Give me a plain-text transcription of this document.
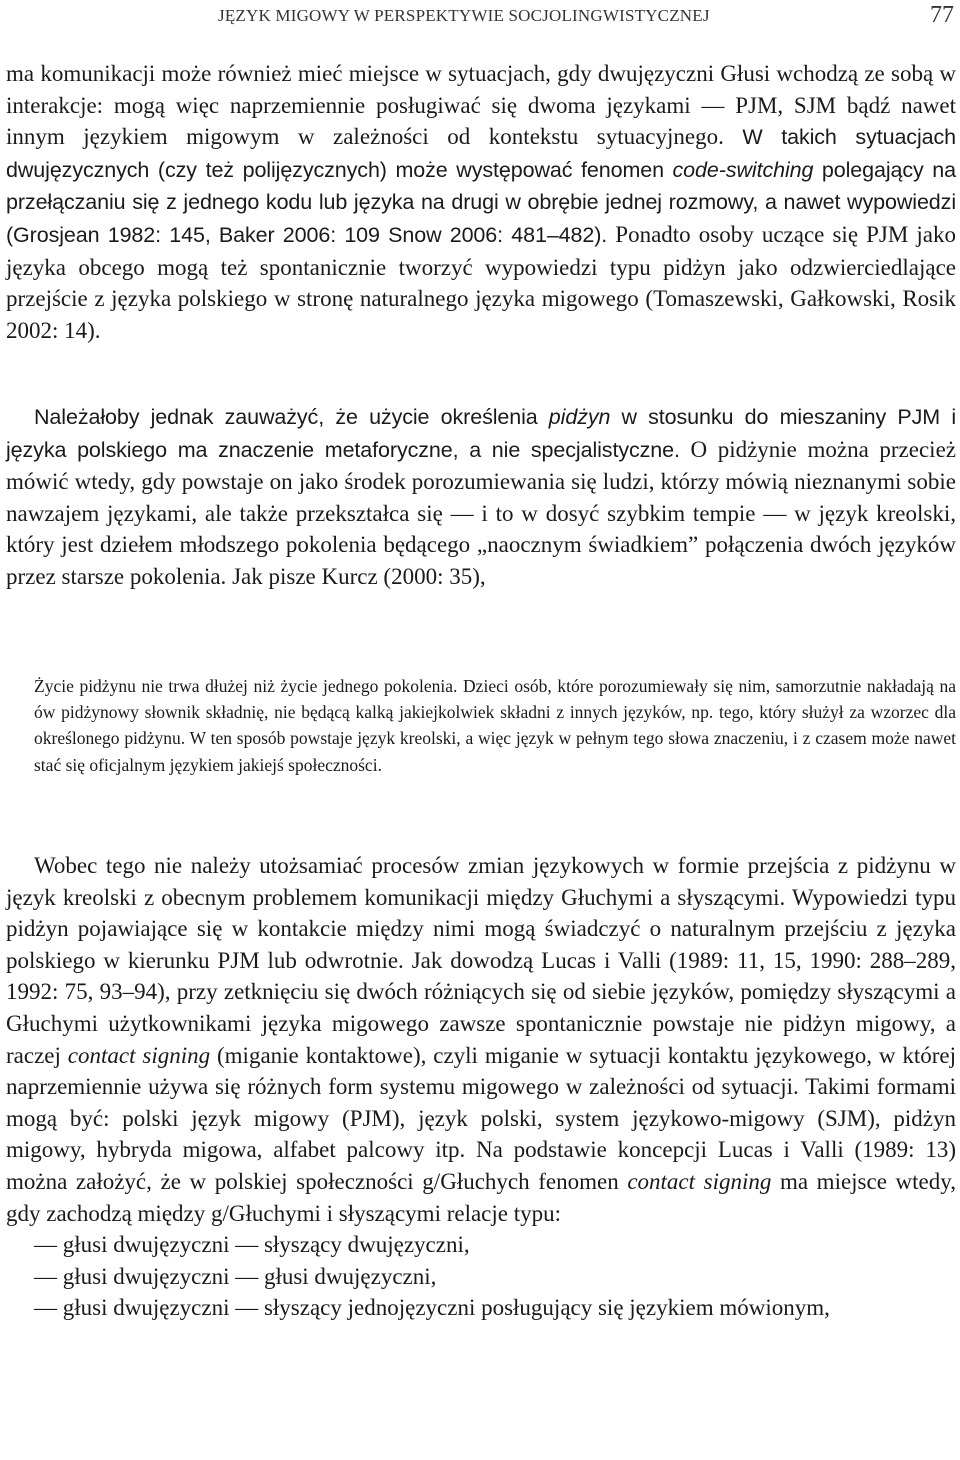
JĘZYK MIGOWY W PERSPEKTYWIE SOCJOLINGWISTYCZNEJ	77

ma komunikacji może również mieć miejsce w sytuacjach, gdy dwujęzyczni Głusi wchodzą ze sobą w interakcje: mogą więc naprzemiennie posługiwać się dwoma językami — PJM, SJM bądź nawet innym językiem migowym w zależności od kontekstu sytuacyjnego. W takich sytuacjach dwujęzycznych (czy też polijęzycznych) może występować fenomen code-switching polegający na przełączaniu się z jednego kodu lub języka na drugi w obrębie jednej rozmowy, a nawet wypowiedzi (Grosjean 1982: 145, Baker 2006: 109 Snow 2006: 481–482). Ponadto osoby uczące się PJM jako języka obcego mogą też spontanicznie tworzyć wypowiedzi typu pidżyn jako odzwierciedlające przejście z języka polskiego w stronę naturalnego języka migowego (Tomaszewski, Gałkowski, Rosik 2002: 14).

Należałoby jednak zauważyć, że użycie określenia pidżyn w stosunku do mieszaniny PJM i języka polskiego ma znaczenie metaforyczne, a nie specjalistyczne. O pidżynie można przecież mówić wtedy, gdy powstaje on jako środek porozumiewania się ludzi, którzy mówią nieznanymi sobie nawzajem językami, ale także przekształca się — i to w dosyć szybkim tempie — w język kreolski, który jest dziełem młodszego pokolenia będącego „naocznym świadkiem” połączenia dwóch języków przez starsze pokolenia. Jak pisze Kurcz (2000: 35),

Życie pidżynu nie trwa dłużej niż życie jednego pokolenia. Dzieci osób, które porozumiewały się nim, samorzutnie nakładają na ów pidżynowy słownik składnię, nie będącą kalką jakiejkolwiek składni z innych języków, np. tego, który służył za wzorzec dla określonego pidżynu. W ten sposób powstaje język kreolski, a więc język w pełnym tego słowa znaczeniu, i z czasem może nawet stać się oficjalnym językiem jakiejś społeczności.

Wobec tego nie należy utożsamiać procesów zmian językowych w formie przejścia z pidżynu w język kreolski z obecnym problemem komunikacji między Głuchymi a słyszącymi. Wypowiedzi typu pidżyn pojawiające się w kontakcie między nimi mogą świadczyć o naturalnym przejściu z języka polskiego w kierunku PJM lub odwrotnie. Jak dowodzą Lucas i Valli (1989: 11, 15, 1990: 288–289, 1992: 75, 93–94), przy zetknięciu się dwóch różniących się od siebie języków, pomiędzy słyszącymi a Głuchymi użytkownikami języka migowego zawsze spontanicznie powstaje nie pidżyn migowy, a raczej contact signing (miganie kontaktowe), czyli miganie w sytuacji kontaktu językowego, w której naprzemiennie używa się różnych form systemu migowego w zależności od sytuacji. Takimi formami mogą być: polski język migowy (PJM), język polski, system językowo-migowy (SJM), pidżyn migowy, hybryda migowa, alfabet palcowy itp. Na podstawie koncepcji Lucas i Valli (1989: 13) można założyć, że w polskiej społeczności g/Głuchych fenomen contact signing ma miejsce wtedy, gdy zachodzą między g/Głuchymi i słyszącymi relacje typu:

— głusi dwujęzyczni — słyszący dwujęzyczni,
— głusi dwujęzyczni — głusi dwujęzyczni,
— głusi dwujęzyczni — słyszący jednojęzyczni posługujący się językiem mówionym,
